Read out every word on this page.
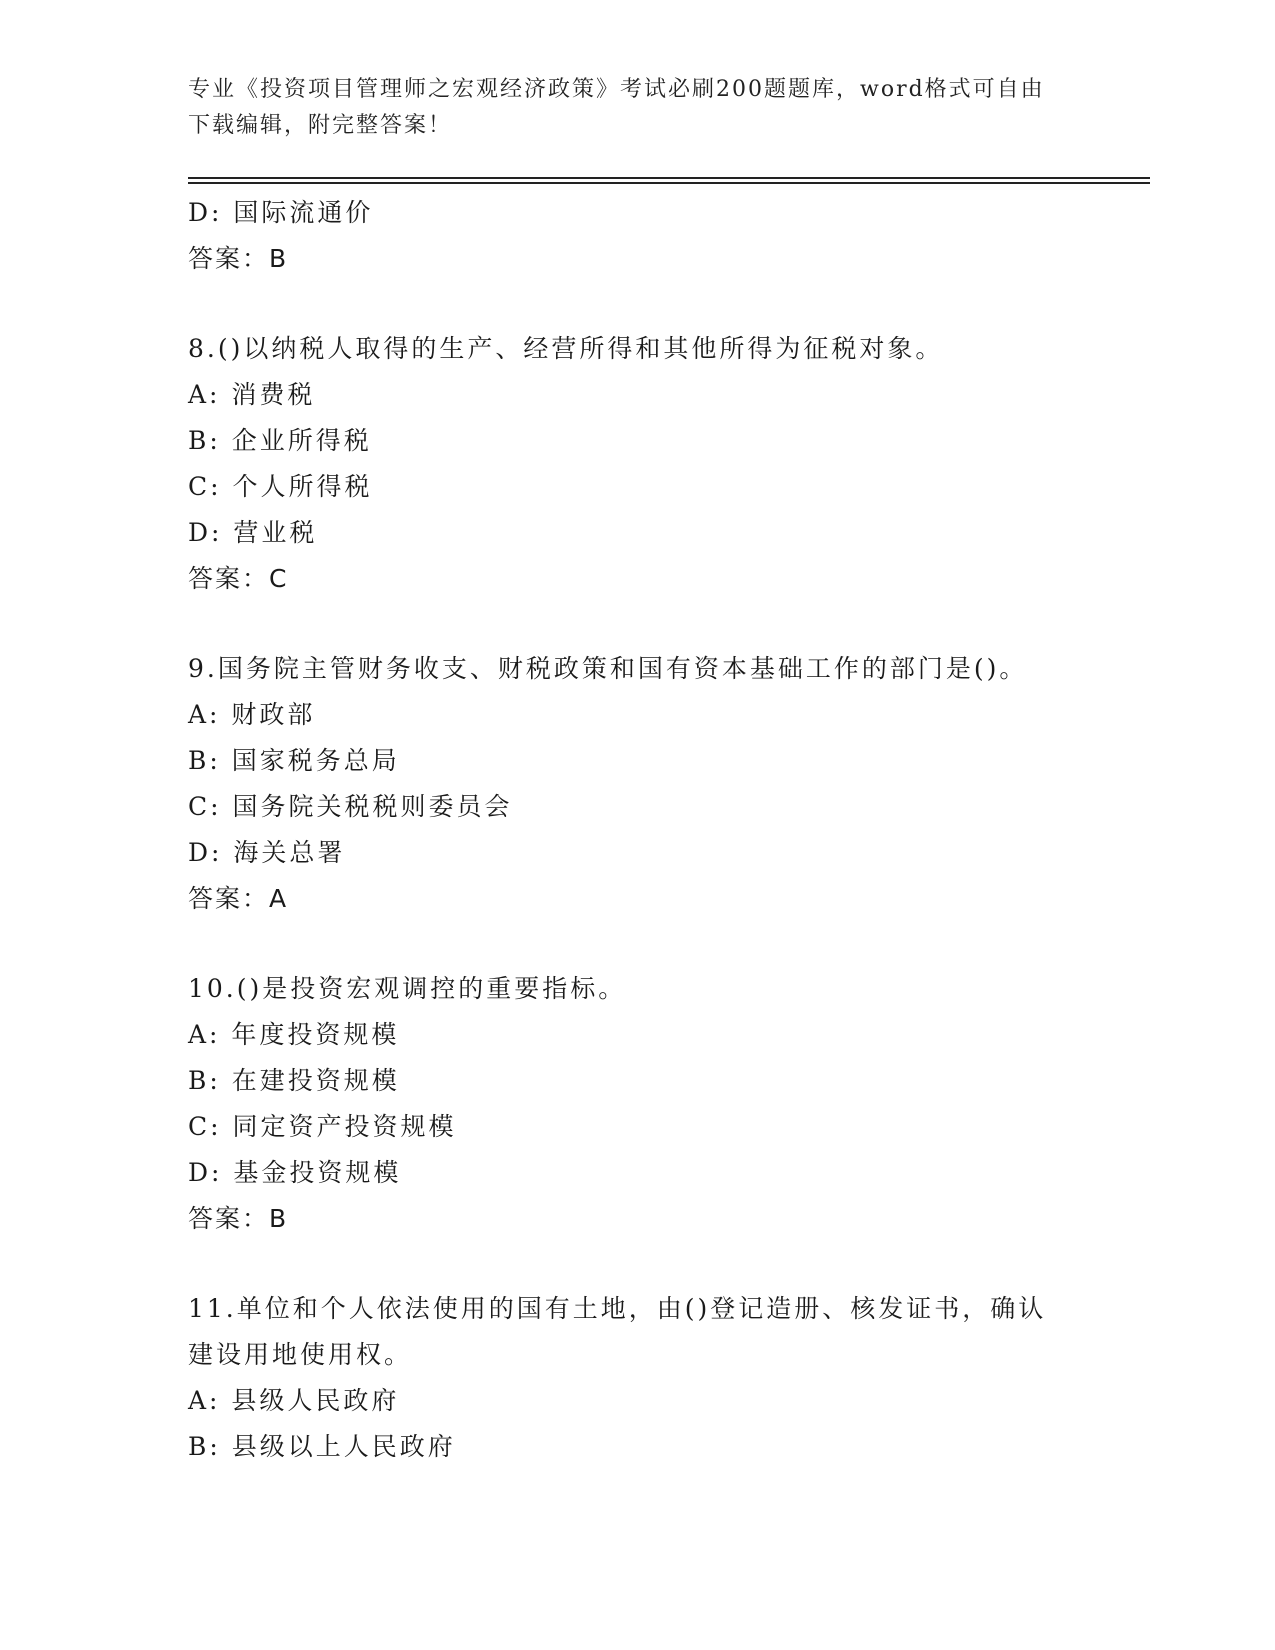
专业《投资项目管理师之宏观经济政策》考试必刷200题题库，word格式可自由
下载编辑，附完整答案！
D: 国际流通价
答案：B
8.()以纳税人取得的生产、经营所得和其他所得为征税对象。
A: 消费税
B: 企业所得税
C: 个人所得税
D: 营业税
答案：C
9.国务院主管财务收支、财税政策和国有资本基础工作的部门是()。
A: 财政部
B: 国家税务总局
C: 国务院关税税则委员会
D: 海关总署
答案：A
10.()是投资宏观调控的重要指标。
A: 年度投资规模
B: 在建投资规模
C: 同定资产投资规模
D: 基金投资规模
答案：B
11.单位和个人依法使用的国有土地，由()登记造册、核发证书，确认
建设用地使用权。
A: 县级人民政府
B: 县级以上人民政府
